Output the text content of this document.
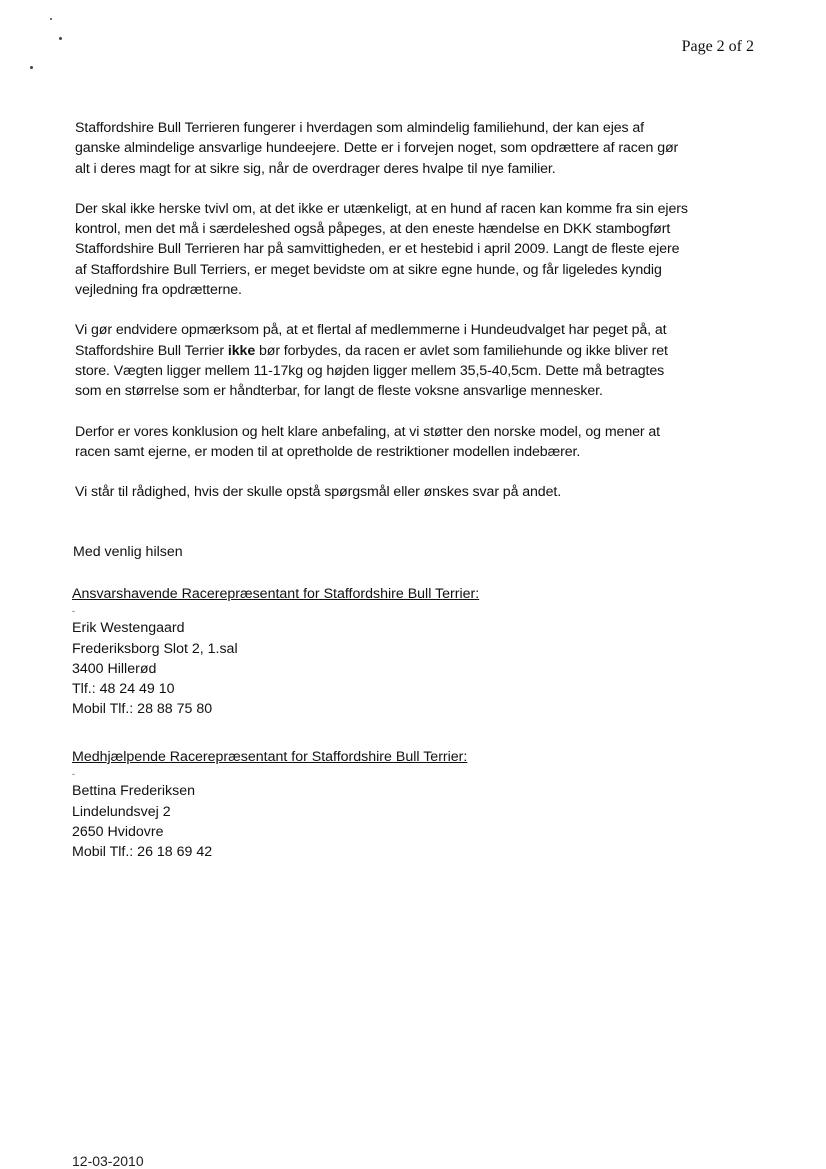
Page 2 of 2

Staffordshire Bull Terrieren fungerer i hverdagen som almindelig familiehund, der kan ejes af
ganske almindelige ansvarlige hundeejere. Dette er i forvejen noget, som opdrættere af racen gør
alt i deres magt for at sikre sig, når de overdrager deres hvalpe til nye familier.

Der skal ikke herske tvivl om, at det ikke er utænkeligt, at en hund af racen kan komme fra sin ejers
kontrol, men det må i særdeleshed også påpeges, at den eneste hændelse en DKK stambogført
Staffordshire Bull Terrieren har på samvittigheden, er et hestebid i april 2009. Langt de fleste ejere
af Staffordshire Bull Terriers, er meget bevidste om at sikre egne hunde, og får ligeledes kyndig
vejledning fra opdrætterne.

Vi gør endvidere opmærksom på, at et flertal af medlemmerne i Hundeudvalget har peget på, at
Staffordshire Bull Terrier ikke bør forbydes, da racen er avlet som familiehunde og ikke bliver ret
store. Vægten ligger mellem 11-17kg og højden ligger mellem 35,5-40,5cm. Dette må betragtes
som en størrelse som er håndterbar, for langt de fleste voksne ansvarlige mennesker.

Derfor er vores konklusion og helt klare anbefaling, at vi støtter den norske model, og mener at
racen samt ejerne, er moden til at opretholde de restriktioner modellen indebærer.

Vi står til rådighed, hvis der skulle opstå spørgsmål eller ønskes svar på andet.

Med venlig hilsen
Ansvarshavende Racerepræsentant for Staffordshire Bull Terrier:
-
Erik Westengaard
Frederiksborg Slot 2, 1.sal
3400 Hillerød
Tlf.: 48 24 49 10
Mobil Tlf.: 28 88 75 80
Medhjælpende Racerepræsentant for Staffordshire Bull Terrier:
-
Bettina Frederiksen
Lindelundsvej 2
2650 Hvidovre
Mobil Tlf.: 26 18 69 42
12-03-2010
